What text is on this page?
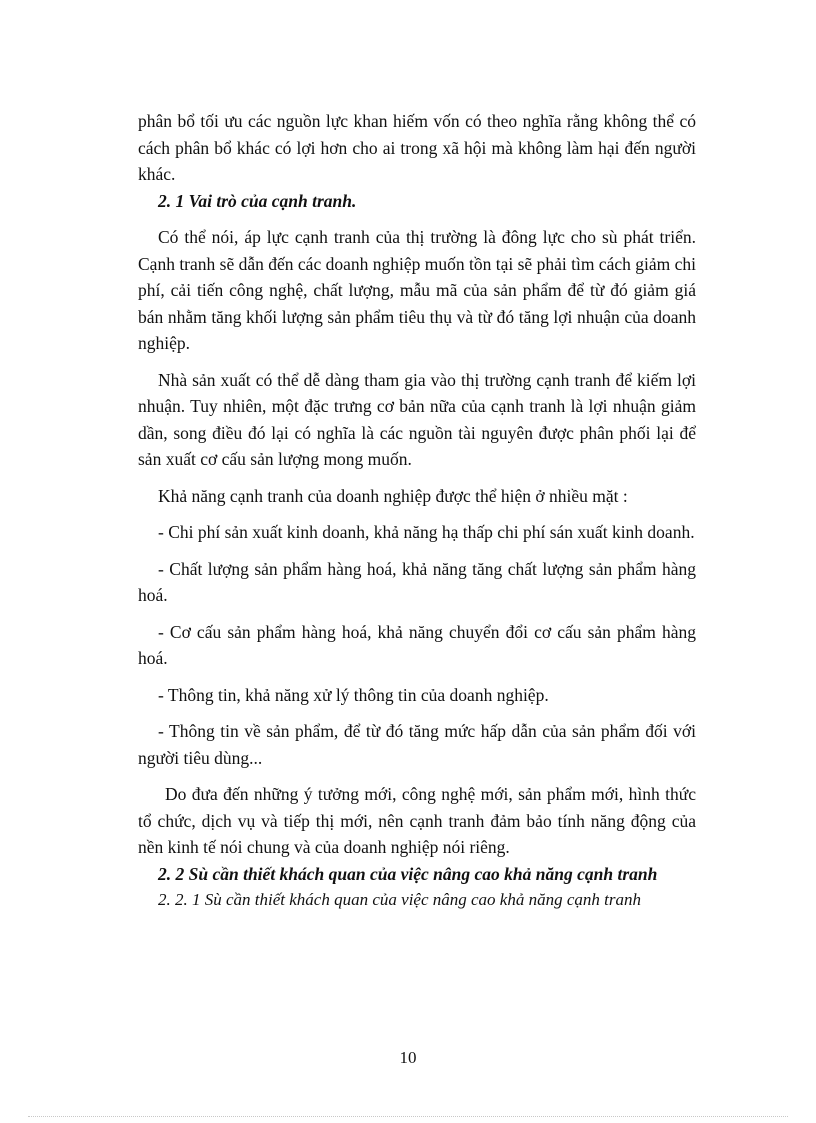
phân bổ tối ưu các nguồn lực khan hiếm vốn có theo nghĩa rằng không thể có cách phân bổ khác có lợi hơn cho ai trong xã hội mà không làm hại đến người khác.

2. 1 Vai trò của cạnh tranh.

Có thể nói, áp lực cạnh tranh của thị trường là đông lực cho sù phát triển. Cạnh tranh sẽ dẫn đến các doanh nghiệp muốn tồn tại sẽ phải tìm cách giảm chi phí, cải tiến công nghệ, chất lượng, mẫu mã của sản phẩm để từ đó giảm giá bán nhằm tăng khối lượng sản phẩm tiêu thụ và từ đó tăng lợi nhuận của doanh nghiệp.

Nhà sản xuất có thể dễ dàng tham gia vào thị trường cạnh tranh để kiếm lợi nhuận. Tuy nhiên, một đặc trưng cơ bản nữa của cạnh tranh là lợi nhuận giảm dần, song điều đó lại có nghĩa là các nguồn tài nguyên được phân phối lại để sản xuất cơ cấu sản lượng mong muốn.

Khả năng cạnh tranh của doanh nghiệp được thể hiện ở nhiều mặt :

- Chi phí sản xuất kinh doanh, khả năng hạ thấp chi phí sán xuất kinh doanh.

- Chất lượng sản phẩm hàng hoá, khả năng tăng chất lượng sản phẩm hàng hoá.

- Cơ cấu sản phẩm hàng hoá, khả năng chuyển đổi cơ cấu sản phẩm hàng hoá.

- Thông tin, khả năng xử lý thông tin của doanh nghiệp.

- Thông tin về sản phẩm, để từ đó tăng mức hấp dẫn của sản phẩm đối với người tiêu dùng...

Do đưa đến những ý tưởng mới, công nghệ mới, sản phẩm mới, hình thức tổ chức, dịch vụ và tiếp thị mới, nên cạnh tranh đảm bảo tính năng động của nền kinh tế nói chung và của doanh nghiệp nói riêng.

2. 2 Sù cần thiết khách quan của việc nâng cao khả năng cạnh tranh
2. 2. 1 Sù cần thiết khách quan của việc nâng cao khả năng cạnh tranh
10
